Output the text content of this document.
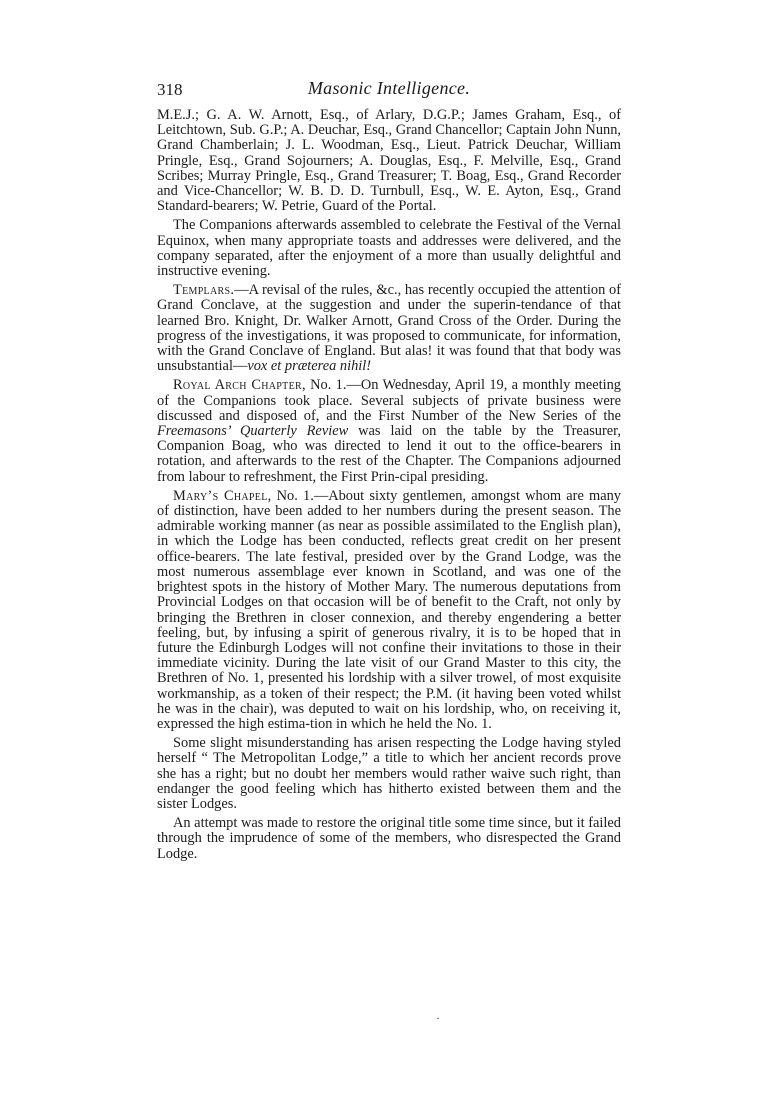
318	Masonic Intelligence.

M.E.J.; G. A. W. Arnott, Esq., of Arlary, D.G.P.; James Graham, Esq., of Leitchtown, Sub. G.P.; A. Deuchar, Esq., Grand Chancellor; Captain John Nunn, Grand Chamberlain; J. L. Woodman, Esq., Lieut. Patrick Deuchar, William Pringle, Esq., Grand Sojourners; A. Douglas, Esq., F. Melville, Esq., Grand Scribes; Murray Pringle, Esq., Grand Treasurer; T. Boag, Esq., Grand Recorder and Vice-Chancellor; W. B. D. D. Turnbull, Esq., W. E. Ayton, Esq., Grand Standard-bearers; W. Petrie, Guard of the Portal.

The Companions afterwards assembled to celebrate the Festival of the Vernal Equinox, when many appropriate toasts and addresses were delivered, and the company separated, after the enjoyment of a more than usually delightful and instructive evening.

Templars.—A revisal of the rules, &c., has recently occupied the attention of Grand Conclave, at the suggestion and under the superin-tendance of that learned Bro. Knight, Dr. Walker Arnott, Grand Cross of the Order. During the progress of the investigations, it was proposed to communicate, for information, with the Grand Conclave of England. But alas! it was found that that body was unsubstantial—vox et præterea nihil!

Royal Arch Chapter, No. 1.—On Wednesday, April 19, a monthly meeting of the Companions took place. Several subjects of private business were discussed and disposed of, and the First Number of the New Series of the Freemasons’ Quarterly Review was laid on the table by the Treasurer, Companion Boag, who was directed to lend it out to the office-bearers in rotation, and afterwards to the rest of the Chapter. The Companions adjourned from labour to refreshment, the First Prin-cipal presiding.

Mary’s Chapel, No. 1.—About sixty gentlemen, amongst whom are many of distinction, have been added to her numbers during the present season. The admirable working manner (as near as possible assimilated to the English plan), in which the Lodge has been conducted, reflects great credit on her present office-bearers. The late festival, presided over by the Grand Lodge, was the most numerous assemblage ever known in Scotland, and was one of the brightest spots in the history of Mother Mary. The numerous deputations from Provincial Lodges on that occasion will be of benefit to the Craft, not only by bringing the Brethren in closer connexion, and thereby engendering a better feeling, but, by infusing a spirit of generous rivalry, it is to be hoped that in future the Edinburgh Lodges will not confine their invitations to those in their immediate vicinity. During the late visit of our Grand Master to this city, the Brethren of No. 1, presented his lordship with a silver trowel, of most exquisite workmanship, as a token of their respect; the P.M. (it having been voted whilst he was in the chair), was deputed to wait on his lordship, who, on receiving it, expressed the high estima-tion in which he held the No. 1.

Some slight misunderstanding has arisen respecting the Lodge having styled herself “ The Metropolitan Lodge,” a title to which her ancient records prove she has a right; but no doubt her members would rather waive such right, than endanger the good feeling which has hitherto existed between them and the sister Lodges.

An attempt was made to restore the original title some time since, but it failed through the imprudence of some of the members, who disrespected the Grand Lodge.

·
